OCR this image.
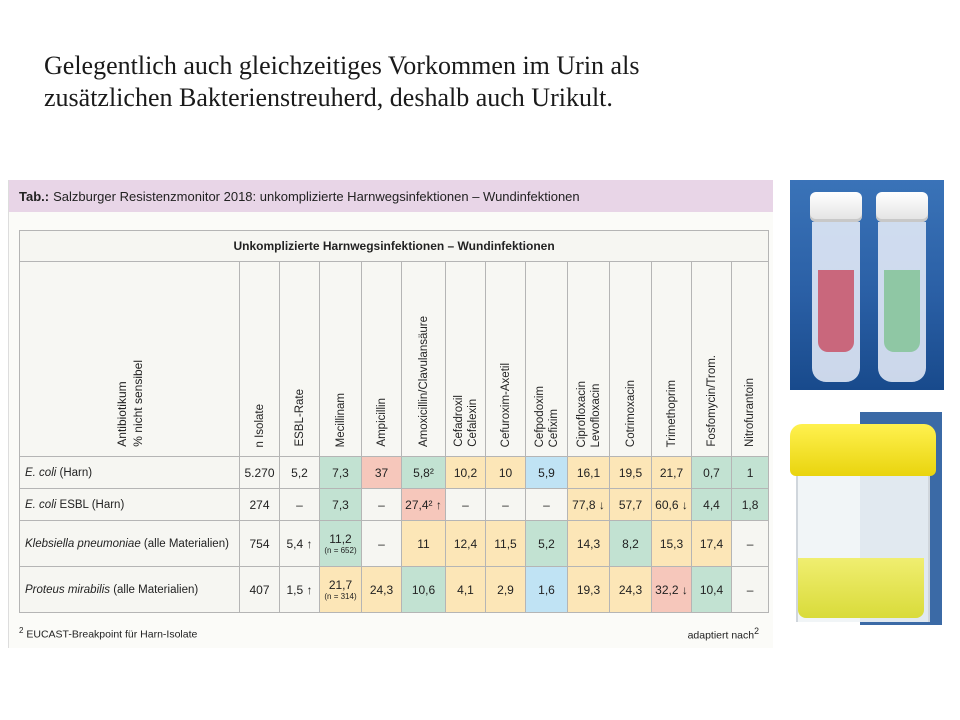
Gelegentlich auch gleichzeitiges Vorkommen im Urin als
zusätzlichen Bakterienstreuherd, deshalb auch Urikult.
Tab.: Salzburger Resistenzmonitor 2018: unkomplizierte Harnwegsinfektionen – Wundinfektionen
Unkomplizierte Harnwegsinfektionen – Wundinfektionen													

Antibiotikum % nicht sensibel	n Isolate	ESBL-Rate	Mecillinam	Ampicillin	Amoxicillin/Clavulansäure	Cefadroxil Cefalexin	Cefuroxim-Axetil	Cefpodoxim Cefixim	Ciprofloxacin Levofloxacin	Cotrimoxacin	Trimethoprim	Fosfomycin/Trom.	Nitrofurantoin

E. coli (Harn)	5.270	5,2	7,3	37	5,8²	10,2	10	5,9	16,1	19,5	21,7	0,7	1
E. coli ESBL (Harn)	274	–	7,3	–	27,4² ↑	–	–	–	77,8 ↓	57,7	60,6 ↓	4,4	1,8
Klebsiella pneumoniae (alle Materialien)	754	5,4 ↑	11,2
(n = 652)	–	11	12,4	11,5	5,2	14,3	8,2	15,3	17,4	–
Proteus mirabilis (alle Materialien)	407	1,5 ↑	21,7
(n = 314)	24,3	10,6	4,1	2,9	1,6	19,3	24,3	32,2 ↓	10,4	–
$^2$ EUCAST-Breakpoint für Harn-Isolate	adaptiert nach$^2$
